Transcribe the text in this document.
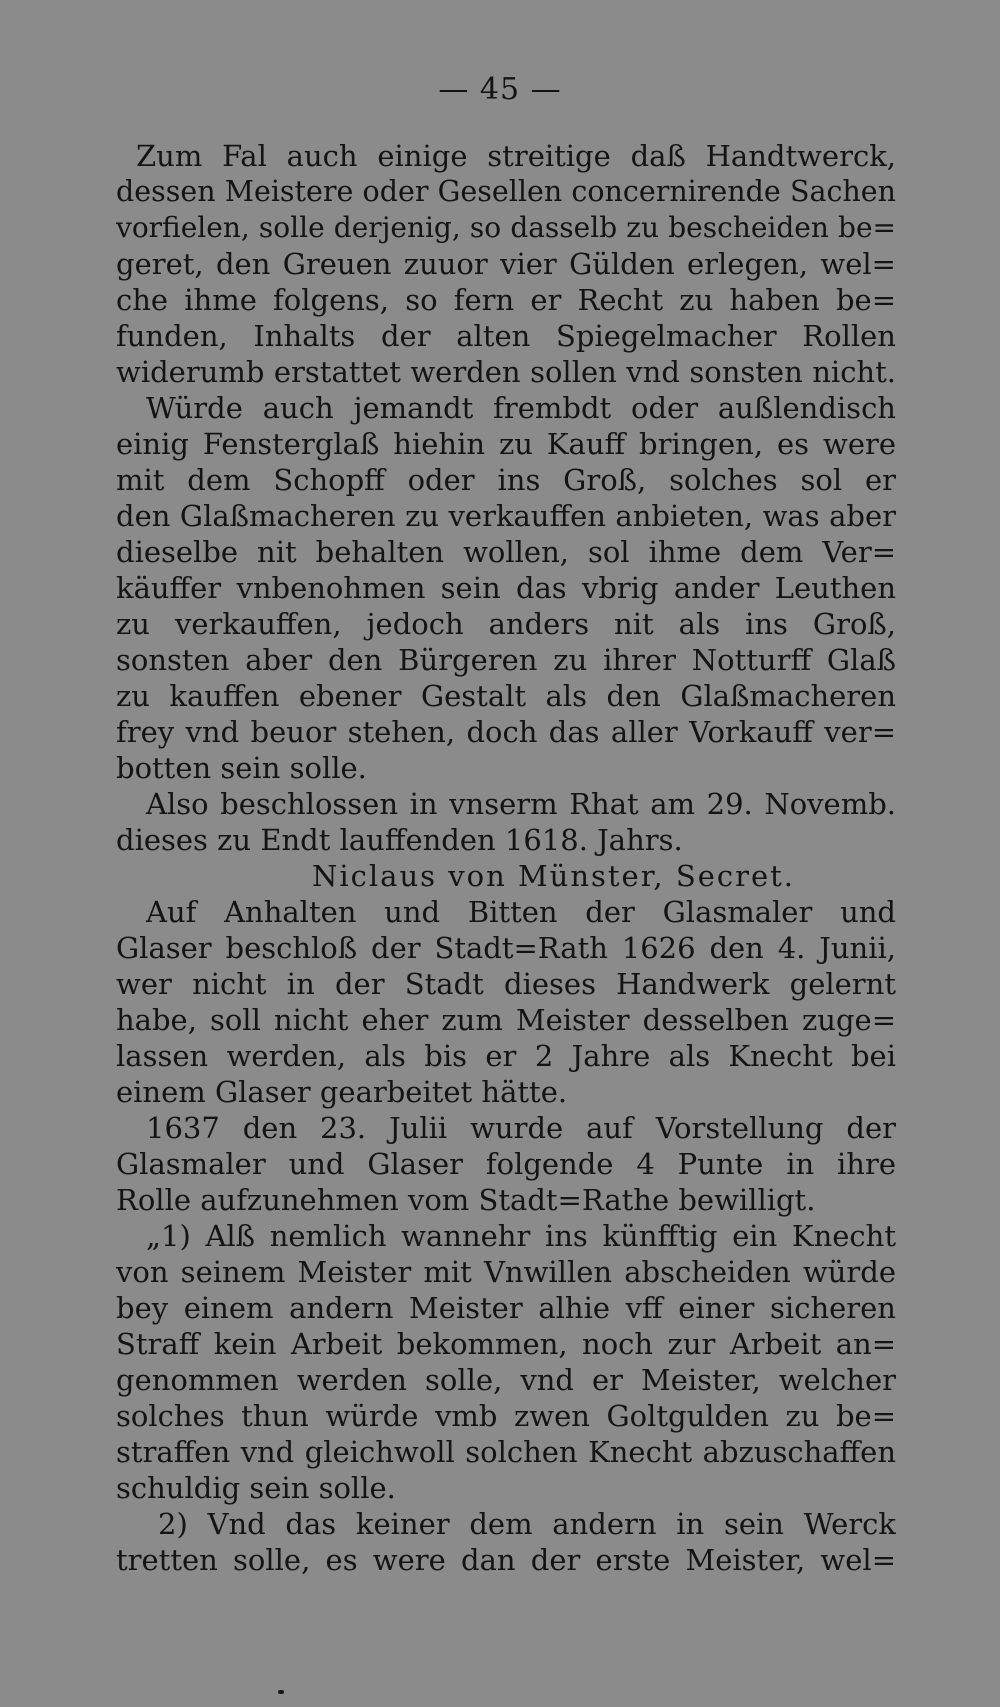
— 45 —
Zum Fal auch einige streitige daß Handtwerck,
dessen Meistere oder Gesellen concernirende Sachen
vorfielen, solle derjenig, so dasselb zu bescheiden be=
geret, den Greuen zuuor vier Gülden erlegen, wel=
che ihme folgens, so fern er Recht zu haben be=
funden, Inhalts der alten Spiegelmacher Rollen
widerumb erstattet werden sollen vnd sonsten nicht.
Würde auch jemandt frembdt oder außlendisch
einig Fensterglaß hiehin zu Kauff bringen, es were
mit dem Schopff oder ins Groß, solches sol er
den Glaßmacheren zu verkauffen anbieten, was aber
dieselbe nit behalten wollen, sol ihme dem Ver=
käuffer vnbenohmen sein das vbrig ander Leuthen
zu verkauffen, jedoch anders nit als ins Groß,
sonsten aber den Bürgeren zu ihrer Notturff Glaß
zu kauffen ebener Gestalt als den Glaßmacheren
frey vnd beuor stehen, doch das aller Vorkauff ver=
botten sein solle.
Also beschlossen in vnserm Rhat am 29. Novemb.
dieses zu Endt lauffenden 1618. Jahrs.
Niclaus von Münster, Secret.
Auf Anhalten und Bitten der Glasmaler und
Glaser beschloß der Stadt=Rath 1626 den 4. Junii,
wer nicht in der Stadt dieses Handwerk gelernt
habe, soll nicht eher zum Meister desselben zuge=
lassen werden, als bis er 2 Jahre als Knecht bei
einem Glaser gearbeitet hätte.
1637 den 23. Julii wurde auf Vorstellung der
Glasmaler und Glaser folgende 4 Punte in ihre
Rolle aufzunehmen vom Stadt=Rathe bewilligt.
„1) Alß nemlich wannehr ins künfftig ein Knecht
von seinem Meister mit Vnwillen abscheiden würde
bey einem andern Meister alhie vff einer sicheren
Straff kein Arbeit bekommen, noch zur Arbeit an=
genommen werden solle, vnd er Meister, welcher
solches thun würde vmb zwen Goltgulden zu be=
straffen vnd gleichwoll solchen Knecht abzuschaffen
schuldig sein solle.
2) Vnd das keiner dem andern in sein Werck
tretten solle, es were dan der erste Meister, wel=
